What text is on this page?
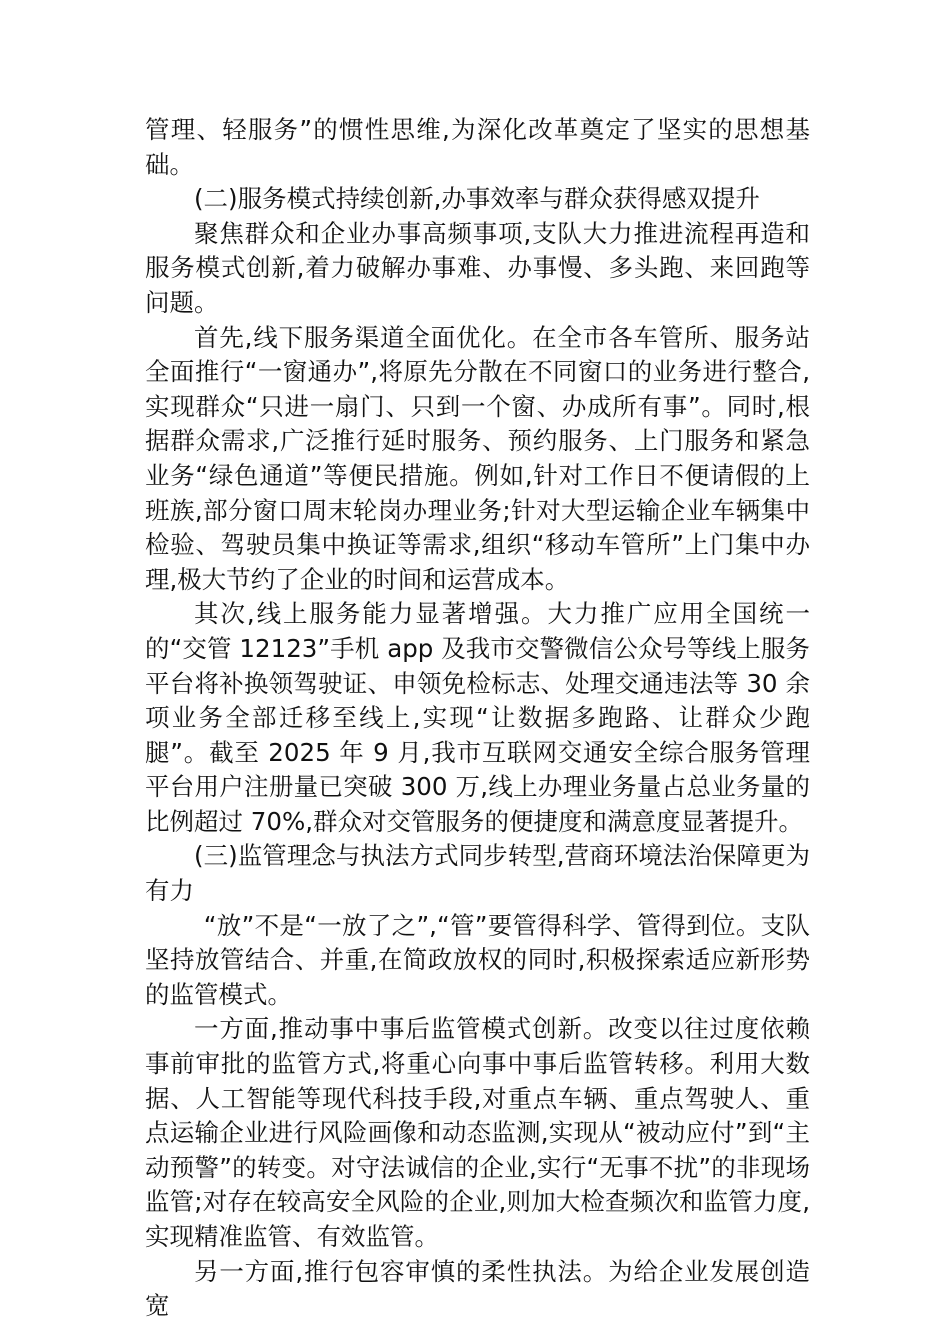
管理、轻服务”的惯性思维,为深化改革奠定了坚实的思想基础。

(二)服务模式持续创新,办事效率与群众获得感双提升

聚焦群众和企业办事高频事项,支队大力推进流程再造和服务模式创新,着力破解办事难、办事慢、多头跑、来回跑等问题。

首先,线下服务渠道全面优化。在全市各车管所、服务站全面推行“一窗通办”,将原先分散在不同窗口的业务进行整合,实现群众“只进一扇门、只到一个窗、办成所有事”。同时,根据群众需求,广泛推行延时服务、预约服务、上门服务和紧急业务“绿色通道”等便民措施。例如,针对工作日不便请假的上班族,部分窗口周末轮岗办理业务;针对大型运输企业车辆集中检验、驾驶员集中换证等需求,组织“移动车管所”上门集中办理,极大节约了企业的时间和运营成本。

其次,线上服务能力显著增强。大力推广应用全国统一的“交管 12123”手机 app 及我市交警微信公众号等线上服务平台将补换领驾驶证、申领免检标志、处理交通违法等 30 余项业务全部迁移至线上,实现“让数据多跑路、让群众少跑腿”。截至 2025 年 9 月,我市互联网交通安全综合服务管理平台用户注册量已突破 300 万,线上办理业务量占总业务量的比例超过 70%,群众对交管服务的便捷度和满意度显著提升。

(三)监管理念与执法方式同步转型,营商环境法治保障更为有力

“放”不是“一放了之”,“管”要管得科学、管得到位。支队坚持放管结合、并重,在简政放权的同时,积极探索适应新形势的监管模式。

一方面,推动事中事后监管模式创新。改变以往过度依赖事前审批的监管方式,将重心向事中事后监管转移。利用大数据、人工智能等现代科技手段,对重点车辆、重点驾驶人、重点运输企业进行风险画像和动态监测,实现从“被动应付”到“主动预警”的转变。对守法诚信的企业,实行“无事不扰”的非现场监管;对存在较高安全风险的企业,则加大检查频次和监管力度,实现精准监管、有效监管。

另一方面,推行包容审慎的柔性执法。为给企业发展创造宽
